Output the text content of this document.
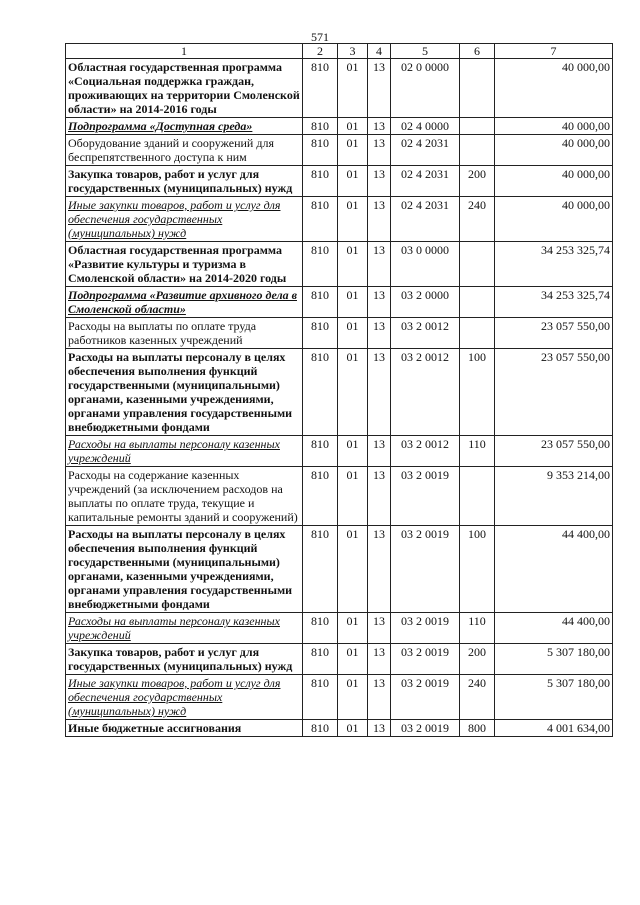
571
1	2	3	4	5	6	7
Областная государственная программа «Социальная поддержка граждан, проживающих на территории Смоленской области» на 2014-2016 годы	810	01	13	02 0 0000		40 000,00
Подпрограмма «Доступная среда»	810	01	13	02 4 0000		40 000,00
Оборудование зданий и сооружений для беспрепятственного доступа к ним	810	01	13	02 4 2031		40 000,00
Закупка товаров, работ и услуг для государственных (муниципальных) нужд	810	01	13	02 4 2031	200	40 000,00
Иные закупки товаров, работ и услуг для обеспечения государственных (муниципальных) нужд	810	01	13	02 4 2031	240	40 000,00
Областная государственная программа «Развитие культуры и туризма в Смоленской области» на 2014-2020 годы	810	01	13	03 0 0000		34 253 325,74
Подпрограмма «Развитие архивного дела в Смоленской области»	810	01	13	03 2 0000		34 253 325,74
Расходы на выплаты по оплате труда работников казенных учреждений	810	01	13	03 2 0012		23 057 550,00
Расходы на выплаты персоналу в целях обеспечения выполнения функций государственными (муниципальными) органами, казенными учреждениями, органами управления государственными внебюджетными фондами	810	01	13	03 2 0012	100	23 057 550,00
Расходы на выплаты персоналу казенных учреждений	810	01	13	03 2 0012	110	23 057 550,00
Расходы на содержание казенных учреждений (за исключением расходов на выплаты по оплате труда, текущие и капитальные ремонты зданий и сооружений)	810	01	13	03 2 0019		9 353 214,00
Расходы на выплаты персоналу в целях обеспечения выполнения функций государственными (муниципальными) органами, казенными учреждениями, органами управления государственными внебюджетными фондами	810	01	13	03 2 0019	100	44 400,00
Расходы на выплаты персоналу казенных учреждений	810	01	13	03 2 0019	110	44 400,00
Закупка товаров, работ и услуг для государственных (муниципальных) нужд	810	01	13	03 2 0019	200	5 307 180,00
Иные закупки товаров, работ и услуг для обеспечения государственных (муниципальных) нужд	810	01	13	03 2 0019	240	5 307 180,00
Иные бюджетные ассигнования	810	01	13	03 2 0019	800	4 001 634,00
